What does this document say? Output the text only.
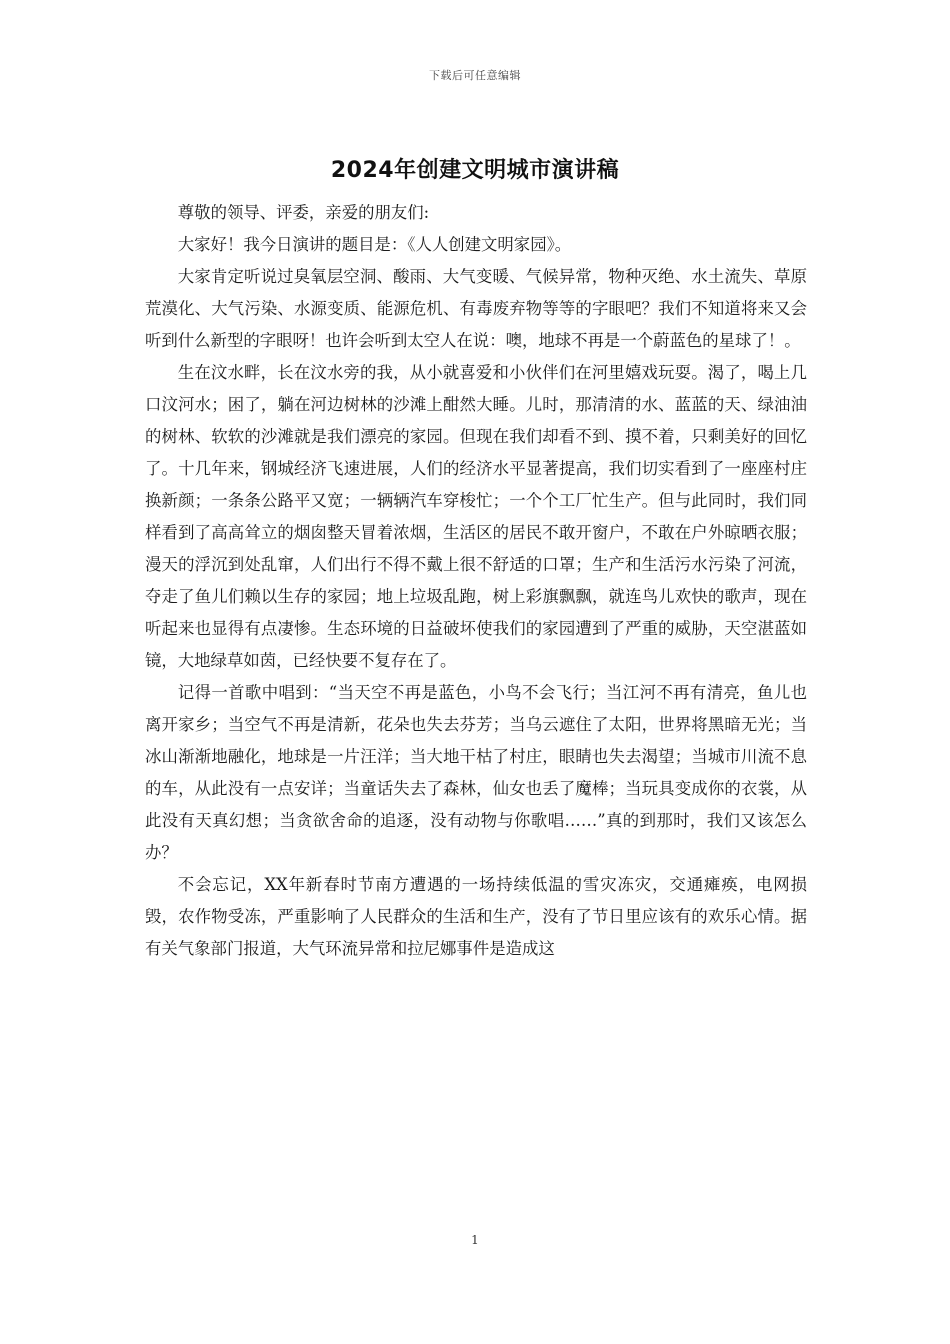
下载后可任意编辑
2024年创建文明城市演讲稿

尊敬的领导、评委，亲爱的朋友们:

大家好！我今日演讲的题目是：《人人创建文明家园》。

大家肯定听说过臭氧层空洞、酸雨、大气变暖、气候异常，物种灭绝、水土流失、草原荒漠化、大气污染、水源变质、能源危机、有毒废弃物等等的字眼吧？我们不知道将来又会听到什么新型的字眼呀！也许会听到太空人在说：噢，地球不再是一个蔚蓝色的星球了！。

生在汶水畔，长在汶水旁的我，从小就喜爱和小伙伴们在河里嬉戏玩耍。渴了，喝上几口汶河水；困了，躺在河边树林的沙滩上酣然大睡。儿时，那清清的水、蓝蓝的天、绿油油的树林、软软的沙滩就是我们漂亮的家园。但现在我们却看不到、摸不着，只剩美好的回忆了。十几年来，钢城经济飞速进展，人们的经济水平显著提高，我们切实看到了一座座村庄换新颜；一条条公路平又宽；一辆辆汽车穿梭忙；一个个工厂忙生产。但与此同时，我们同样看到了高高耸立的烟囱整天冒着浓烟，生活区的居民不敢开窗户，不敢在户外晾晒衣服；漫天的浮沉到处乱窜，人们出行不得不戴上很不舒适的口罩；生产和生活污水污染了河流，夺走了鱼儿们赖以生存的家园；地上垃圾乱跑，树上彩旗飘飘，就连鸟儿欢快的歌声，现在听起来也显得有点凄惨。生态环境的日益破坏使我们的家园遭到了严重的威胁，天空湛蓝如镜，大地绿草如茵，已经快要不复存在了。

记得一首歌中唱到：“当天空不再是蓝色，小鸟不会飞行；当江河不再有清亮，鱼儿也离开家乡；当空气不再是清新，花朵也失去芬芳；当乌云遮住了太阳，世界将黑暗无光；当冰山渐渐地融化，地球是一片汪洋；当大地干枯了村庄，眼睛也失去渴望；当城市川流不息的车，从此没有一点安详；当童话失去了森林，仙女也丢了魔棒；当玩具变成你的衣裳，从此没有天真幻想；当贪欲舍命的追逐，没有动物与你歌唱……”真的到那时，我们又该怎么办？

不会忘记，XX年新春时节南方遭遇的一场持续低温的雪灾冻灾，交通瘫痪，电网损毁，农作物受冻，严重影响了人民群众的生活和生产，没有了节日里应该有的欢乐心情。据有关气象部门报道，大气环流异常和拉尼娜事件是造成这

1
